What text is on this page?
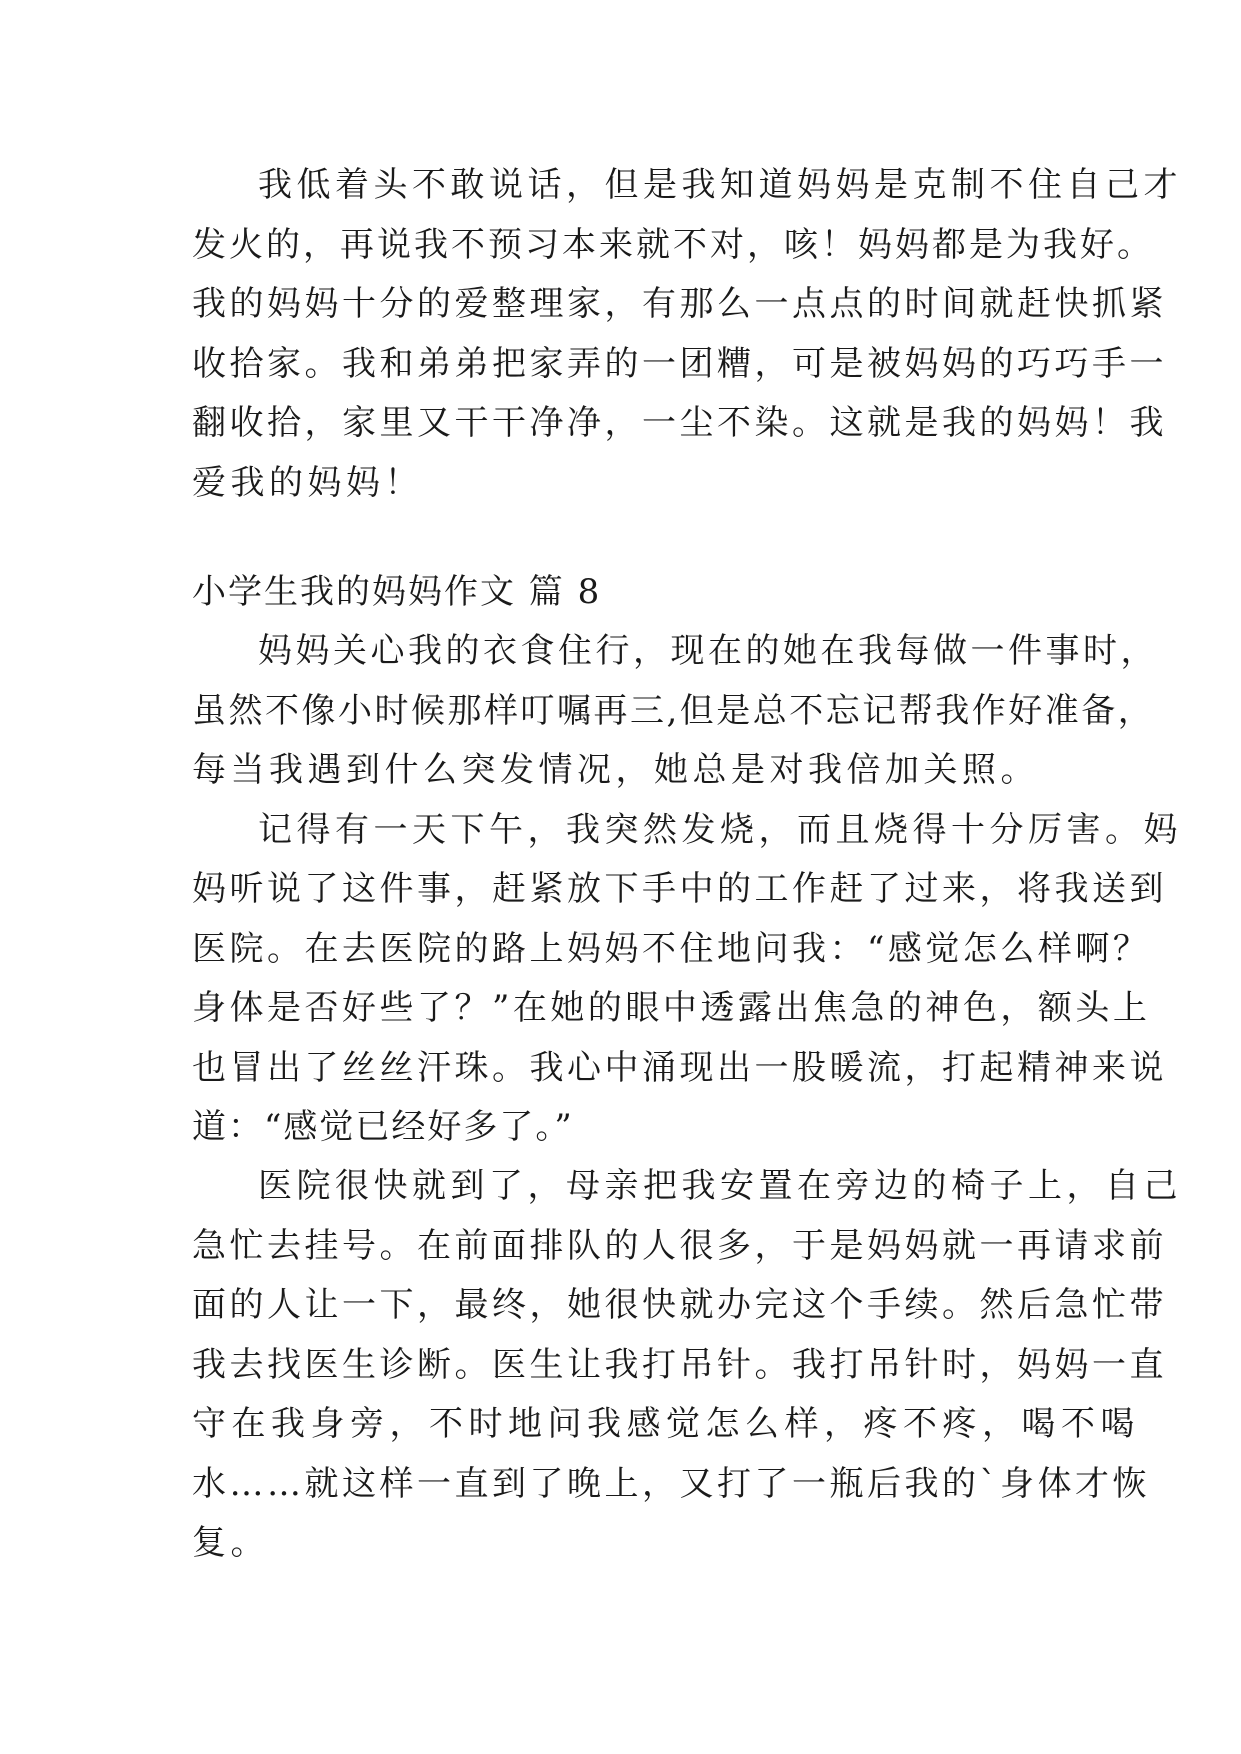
我低着头不敢说话，但是我知道妈妈是克制不住自己才
发火的，再说我不预习本来就不对，咳！妈妈都是为我好。
我的妈妈十分的爱整理家，有那么一点点的时间就赶快抓紧
收拾家。我和弟弟把家弄的一团糟，可是被妈妈的巧巧手一
翻收拾，家里又干干净净，一尘不染。这就是我的妈妈！我
爱我的妈妈！
小学生我的妈妈作文 篇 8
妈妈关心我的衣食住行，现在的她在我每做一件事时，
虽然不像小时候那样叮嘱再三,但是总不忘记帮我作好准备，
每当我遇到什么突发情况，她总是对我倍加关照。
记得有一天下午，我突然发烧，而且烧得十分厉害。妈
妈听说了这件事，赶紧放下手中的工作赶了过来，将我送到
医院。在去医院的路上妈妈不住地问我：“感觉怎么样啊？
身体是否好些了？”在她的眼中透露出焦急的神色，额头上
也冒出了丝丝汗珠。我心中涌现出一股暖流，打起精神来说
道：“感觉已经好多了。”
医院很快就到了，母亲把我安置在旁边的椅子上，自己
急忙去挂号。在前面排队的人很多，于是妈妈就一再请求前
面的人让一下，最终，她很快就办完这个手续。然后急忙带
我去找医生诊断。医生让我打吊针。我打吊针时，妈妈一直
守在我身旁，不时地问我感觉怎么样，疼不疼，喝不喝
水……就这样一直到了晚上，又打了一瓶后我的`身体才恢
复。
